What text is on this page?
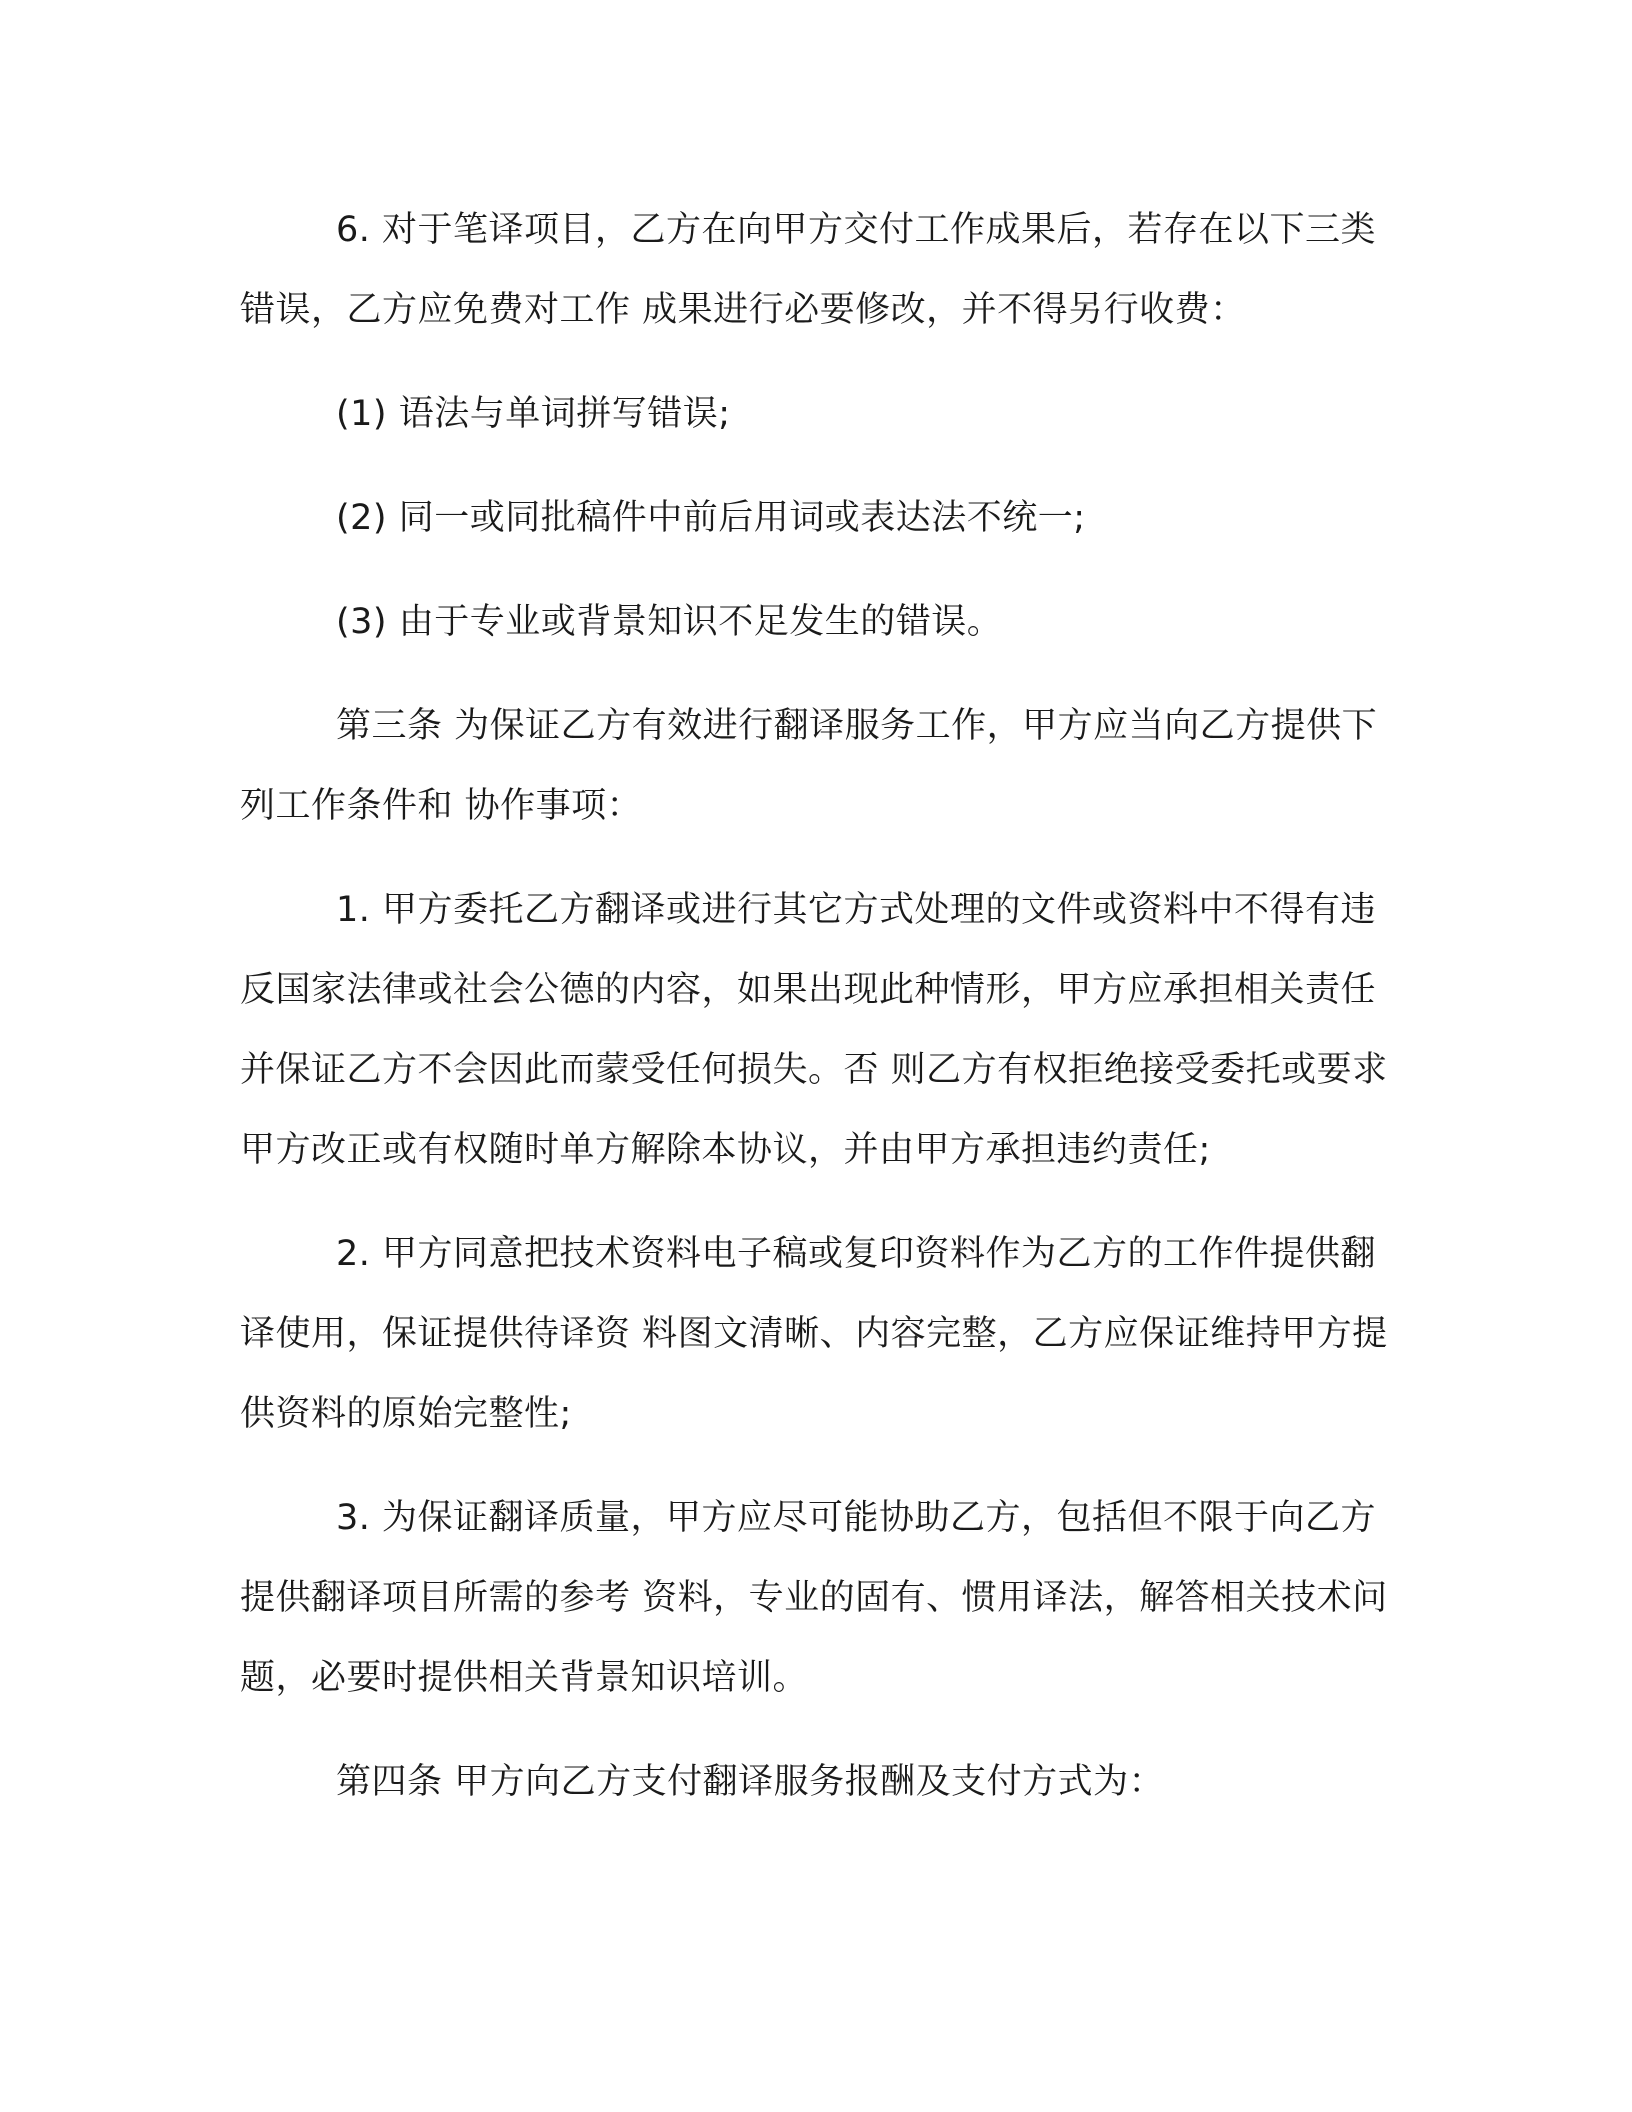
6. 对于笔译项目，乙方在向甲方交付工作成果后，若存在以下三类错误，乙方应免费对工作 成果进行必要修改，并不得另行收费：

(1) 语法与单词拼写错误;

(2) 同一或同批稿件中前后用词或表达法不统一;

(3) 由于专业或背景知识不足发生的错误。

第三条 为保证乙方有效进行翻译服务工作，甲方应当向乙方提供下列工作条件和 协作事项：

1. 甲方委托乙方翻译或进行其它方式处理的文件或资料中不得有违反国家法律或社会公德的内容，如果出现此种情形，甲方应承担相关责任并保证乙方不会因此而蒙受任何损失。否 则乙方有权拒绝接受委托或要求甲方改正或有权随时单方解除本协议，并由甲方承担违约责任;

2. 甲方同意把技术资料电子稿或复印资料作为乙方的工作件提供翻译使用，保证提供待译资 料图文清晰、内容完整，乙方应保证维持甲方提供资料的原始完整性;

3. 为保证翻译质量，甲方应尽可能协助乙方，包括但不限于向乙方提供翻译项目所需的参考 资料，专业的固有、惯用译法，解答相关技术问题，必要时提供相关背景知识培训。

第四条 甲方向乙方支付翻译服务报酬及支付方式为：
